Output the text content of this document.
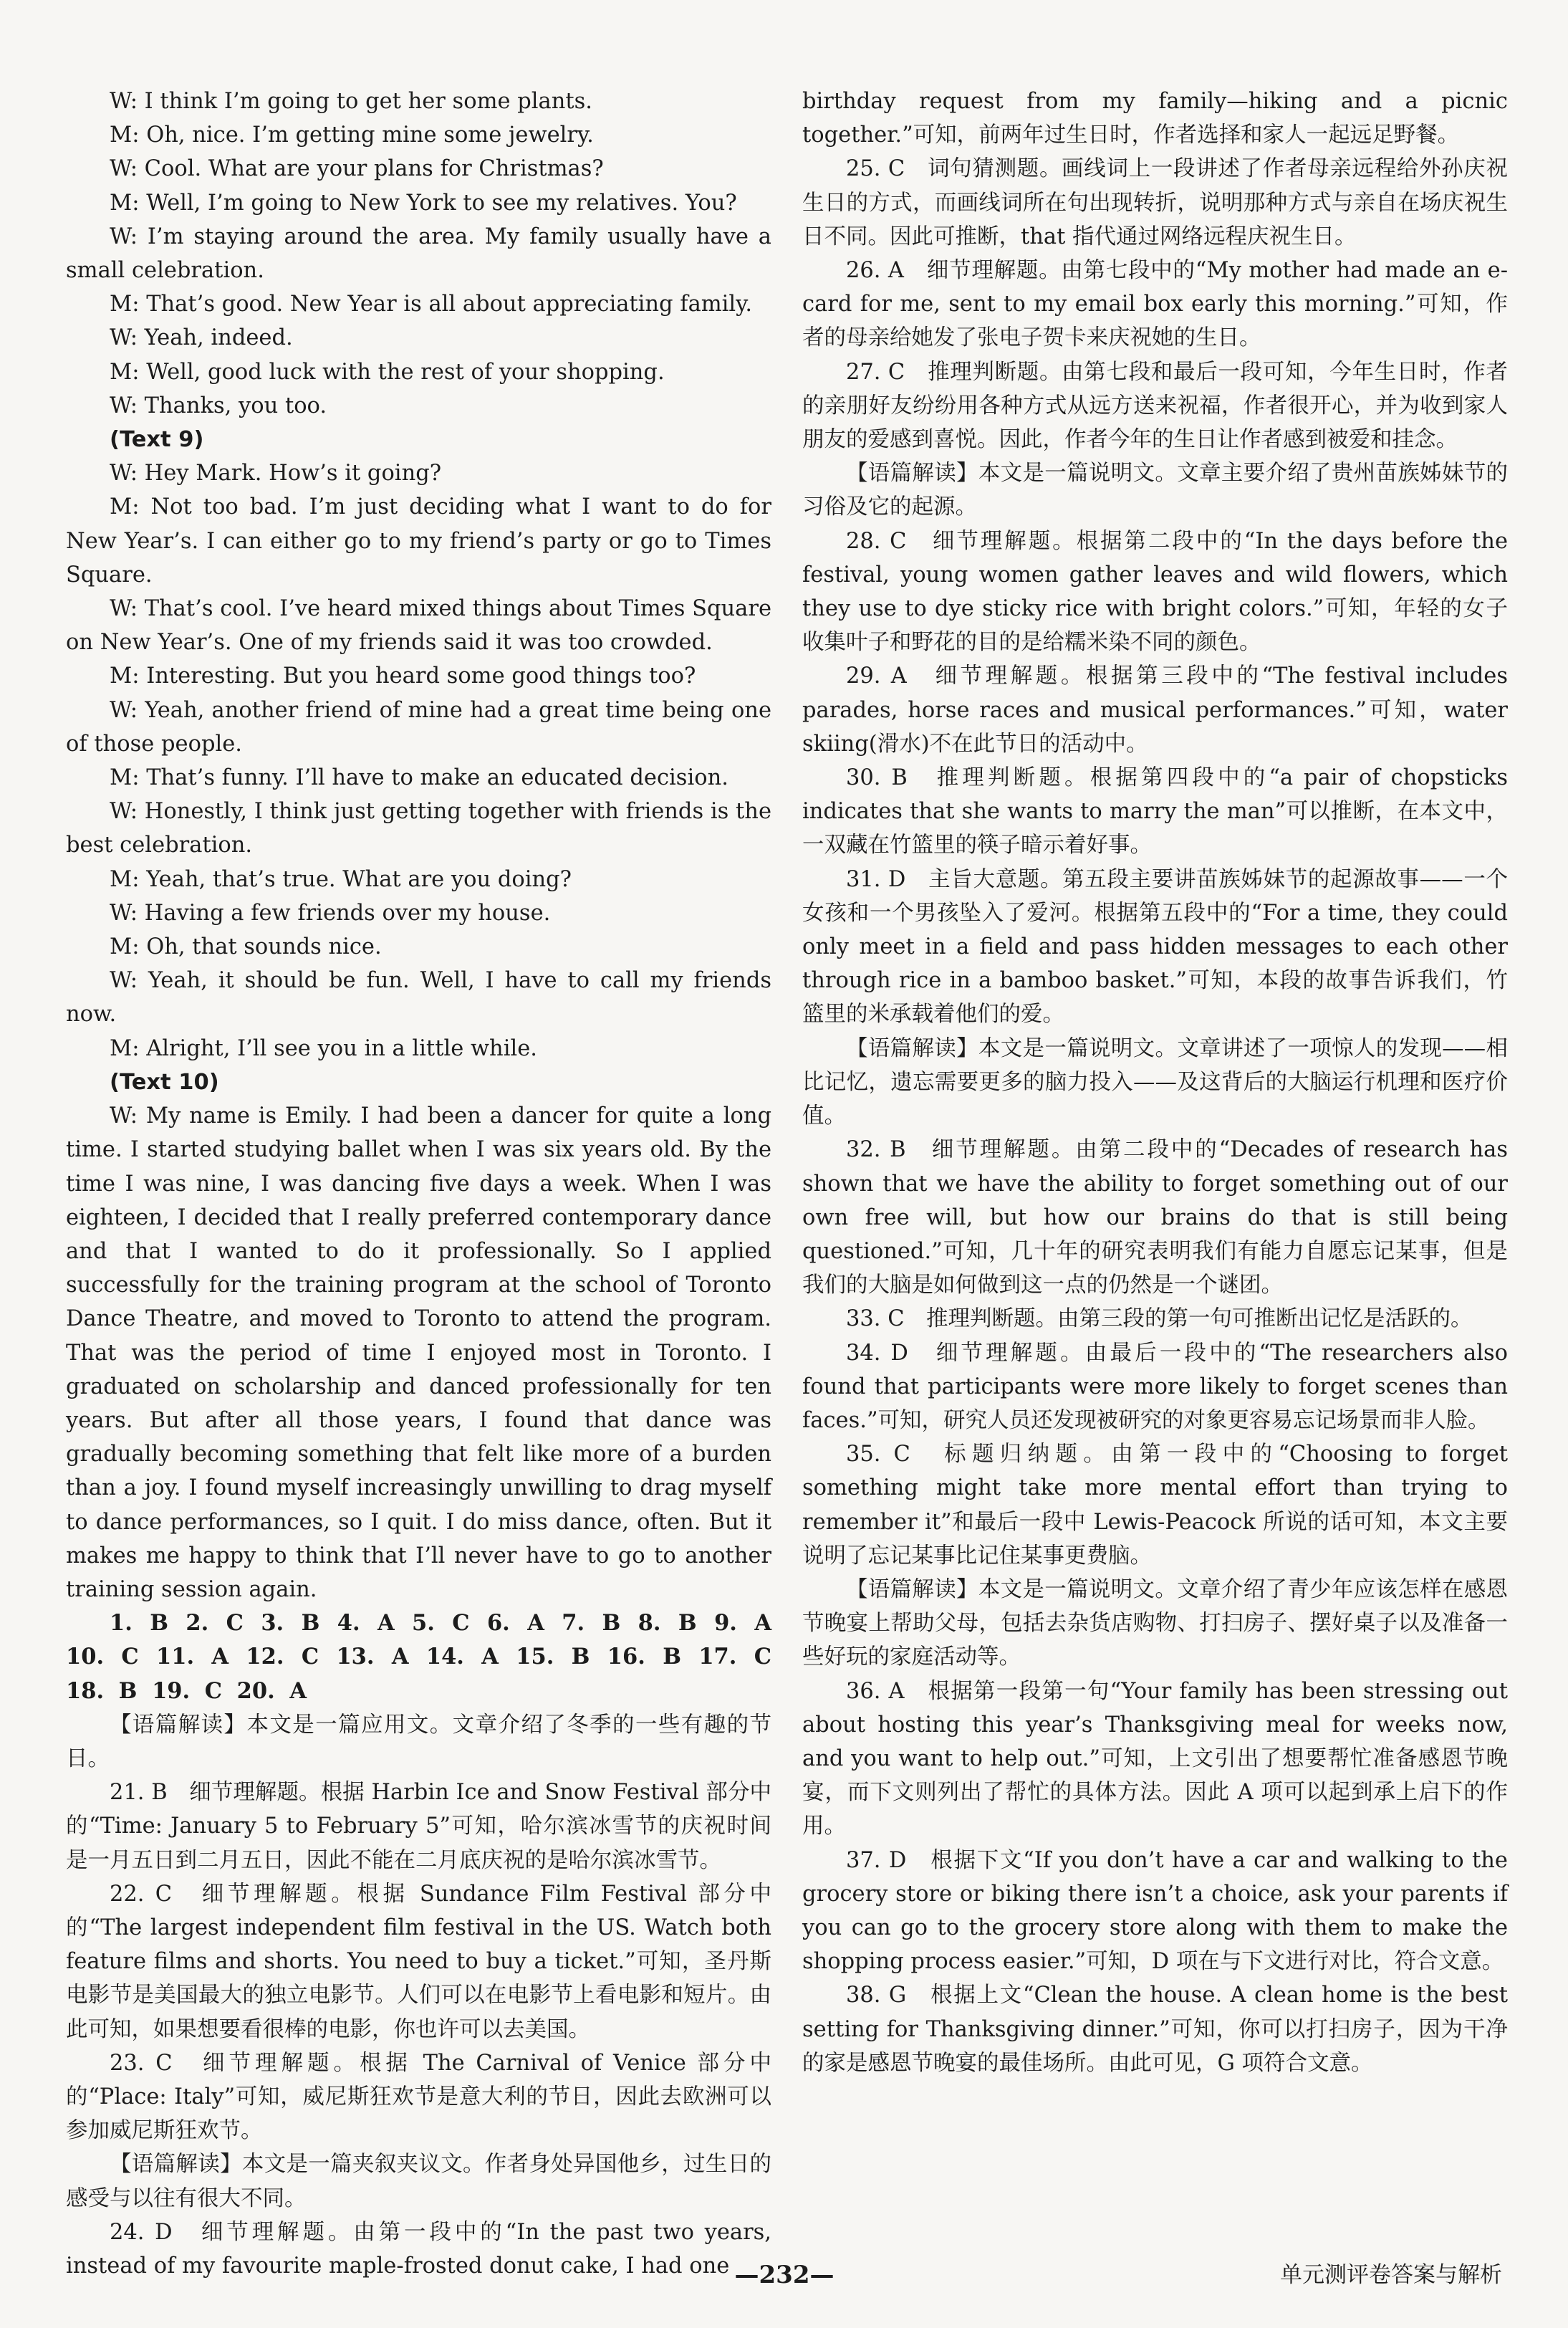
W: I think I’m going to get her some plants.

M: Oh, nice. I’m getting mine some jewelry.

W: Cool. What are your plans for Christmas?

M: Well, I’m going to New York to see my relatives. You?

W: I’m staying around the area. My family usually have a small celebration.

M: That’s good. New Year is all about appreciating family.

W: Yeah, indeed.

M: Well, good luck with the rest of your shopping.

W: Thanks, you too.

(Text 9)

W: Hey Mark. How’s it going?

M: Not too bad. I’m just deciding what I want to do for New Year’s. I can either go to my friend’s party or go to Times Square.

W: That’s cool. I’ve heard mixed things about Times Square on New Year’s. One of my friends said it was too crowded.

M: Interesting. But you heard some good things too?

W: Yeah, another friend of mine had a great time being one of those people.

M: That’s funny. I’ll have to make an educated decision.

W: Honestly, I think just getting together with friends is the best celebration.

M: Yeah, that’s true. What are you doing?

W: Having a few friends over my house.

M: Oh, that sounds nice.

W: Yeah, it should be fun. Well, I have to call my friends now.

M: Alright, I’ll see you in a little while.

(Text 10)

W: My name is Emily. I had been a dancer for quite a long time. I started studying ballet when I was six years old. By the time I was nine, I was dancing five days a week. When I was eighteen, I decided that I really preferred contemporary dance and that I wanted to do it professionally. So I applied successfully for the training program at the school of Toronto Dance Theatre, and moved to Toronto to attend the program. That was the period of time I enjoyed most in Toronto. I graduated on scholarship and danced professionally for ten years. But after all those years, I found that dance was gradually becoming something that felt like more of a burden than a joy. I found myself increasingly unwilling to drag myself to dance performances, so I quit. I do miss dance, often. But it makes me happy to think that I’ll never have to go to another training session again.

1. B 2. C 3. B 4. A 5. C 6. A 7. B 8. B 9. A 10. C 11. A 12. C 13. A 14. A 15. B 16. B 17. C 18. B 19. C 20. A

【语篇解读】本文是一篇应用文。文章介绍了冬季的一些有趣的节日。

21. B　细节理解题。根据 Harbin Ice and Snow Festival 部分中的“Time: January 5 to February 5”可知，哈尔滨冰雪节的庆祝时间是一月五日到二月五日，因此不能在二月底庆祝的是哈尔滨冰雪节。

22. C　细节理解题。根据 Sundance Film Festival 部分中的“The largest independent film festival in the US. Watch both feature films and shorts. You need to buy a ticket.”可知，圣丹斯电影节是美国最大的独立电影节。人们可以在电影节上看电影和短片。由此可知，如果想要看很棒的电影，你也许可以去美国。

23. C　细节理解题。根据 The Carnival of Venice 部分中的“Place: Italy”可知，威尼斯狂欢节是意大利的节日，因此去欧洲可以参加威尼斯狂欢节。

【语篇解读】本文是一篇夹叙夹议文。作者身处异国他乡，过生日的感受与以往有很大不同。

24. D　细节理解题。由第一段中的“In the past two years, instead of my favourite maple-frosted donut cake, I had one

birthday request from my family—hiking and a picnic together.”可知，前两年过生日时，作者选择和家人一起远足野餐。

25. C　词句猜测题。画线词上一段讲述了作者母亲远程给外孙庆祝生日的方式，而画线词所在句出现转折，说明那种方式与亲自在场庆祝生日不同。因此可推断，that 指代通过网络远程庆祝生日。

26. A　细节理解题。由第七段中的“My mother had made an e-card for me, sent to my email box early this morning.”可知，作者的母亲给她发了张电子贺卡来庆祝她的生日。

27. C　推理判断题。由第七段和最后一段可知，今年生日时，作者的亲朋好友纷纷用各种方式从远方送来祝福，作者很开心，并为收到家人朋友的爱感到喜悦。因此，作者今年的生日让作者感到被爱和挂念。

【语篇解读】本文是一篇说明文。文章主要介绍了贵州苗族姊妹节的习俗及它的起源。

28. C　细节理解题。根据第二段中的“In the days before the festival, young women gather leaves and wild flowers, which they use to dye sticky rice with bright colors.”可知，年轻的女子收集叶子和野花的目的是给糯米染不同的颜色。

29. A　细节理解题。根据第三段中的“The festival includes parades, horse races and musical performances.”可知，water skiing(滑水)不在此节日的活动中。

30. B　推理判断题。根据第四段中的“a pair of chopsticks indicates that she wants to marry the man”可以推断，在本文中，一双藏在竹篮里的筷子暗示着好事。

31. D　主旨大意题。第五段主要讲苗族姊妹节的起源故事——一个女孩和一个男孩坠入了爱河。根据第五段中的“For a time, they could only meet in a field and pass hidden messages to each other through rice in a bamboo basket.”可知，本段的故事告诉我们，竹篮里的米承载着他们的爱。

【语篇解读】本文是一篇说明文。文章讲述了一项惊人的发现——相比记忆，遗忘需要更多的脑力投入——及这背后的大脑运行机理和医疗价值。

32. B　细节理解题。由第二段中的“Decades of research has shown that we have the ability to forget something out of our own free will, but how our brains do that is still being questioned.”可知，几十年的研究表明我们有能力自愿忘记某事，但是我们的大脑是如何做到这一点的仍然是一个谜团。

33. C　推理判断题。由第三段的第一句可推断出记忆是活跃的。

34. D　细节理解题。由最后一段中的“The researchers also found that participants were more likely to forget scenes than faces.”可知，研究人员还发现被研究的对象更容易忘记场景而非人脸。

35. C　标题归纳题。由第一段中的“Choosing to forget something might take more mental effort than trying to remember it”和最后一段中 Lewis-Peacock 所说的话可知，本文主要说明了忘记某事比记住某事更费脑。

【语篇解读】本文是一篇说明文。文章介绍了青少年应该怎样在感恩节晚宴上帮助父母，包括去杂货店购物、打扫房子、摆好桌子以及准备一些好玩的家庭活动等。

36. A　根据第一段第一句“Your family has been stressing out about hosting this year’s Thanksgiving meal for weeks now, and you want to help out.”可知，上文引出了想要帮忙准备感恩节晚宴，而下文则列出了帮忙的具体方法。因此 A 项可以起到承上启下的作用。

37. D　根据下文“If you don’t have a car and walking to the grocery store or biking there isn’t a choice, ask your parents if you can go to the grocery store along with them to make the shopping process easier.”可知，D 项在与下文进行对比，符合文意。

38. G　根据上文“Clean the house. A clean home is the best setting for Thanksgiving dinner.”可知，你可以打扫房子，因为干净的家是感恩节晚宴的最佳场所。由此可见，G 项符合文意。

—232—	单元测评卷答案与解析
